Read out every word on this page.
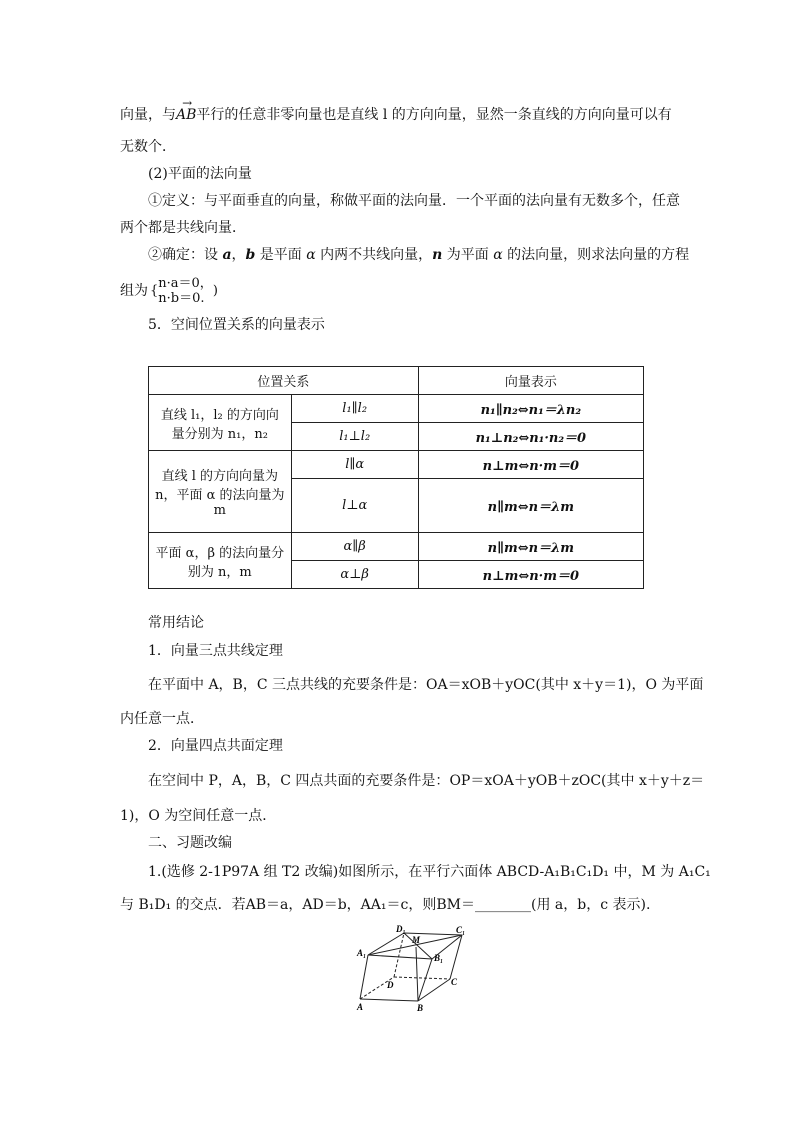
向量，与→ AB平行的任意非零向量也是直线 l 的方向向量，显然一条直线的方向向量可以有
无数个．
(2)平面的法向量
①定义：与平面垂直的向量，称做平面的法向量．一个平面的法向量有无数多个，任意
两个都是共线向量．
②确定：设 a，b 是平面 α 内两不共线向量，n 为平面 α 的法向量，则求法向量的方程
组为 { n·a＝0，
n·b＝0. )
5．空间位置关系的向量表示
位置关系		向量表示
直线 l₁，l₂ 的方向向量分别为 n₁，n₂	l₁∥l₂	n₁∥n₂⇔n₁＝λn₂
	l₁⊥l₂	n₁⊥n₂⇔n₁·n₂＝0
直线 l 的方向向量为 n，平面 α 的法向量为 m	l∥α	n⊥m⇔n·m＝0
	l⊥α	n∥m⇔n＝λm
平面 α，β 的法向量分别为 n，m	α∥β	n∥m⇔n＝λm
	α⊥β	n⊥m⇔n·m＝0
常用结论
1．向量三点共线定理
在平面中 A，B，C 三点共线的充要条件是：OA＝xOB＋yOC(其中 x＋y＝1)，O 为平面
内任意一点．
2．向量四点共面定理
在空间中 P，A，B，C 四点共面的充要条件是：OP＝xOA＋yOB＋zOC(其中 x＋y＋z＝
1)，O 为空间任意一点．
二、习题改编
1.(选修 2-1P97A 组 T2 改编)如图所示，在平行六面体 ABCD-A₁B₁C₁D₁ 中，M 为 A₁C₁
与 B₁D₁ 的交点．若AB＝a，AD＝b，AA₁＝c，则BM＝________(用 a，b，c 表示).
D₁
M
C₁
A₁	B₁
D	C
A	B
